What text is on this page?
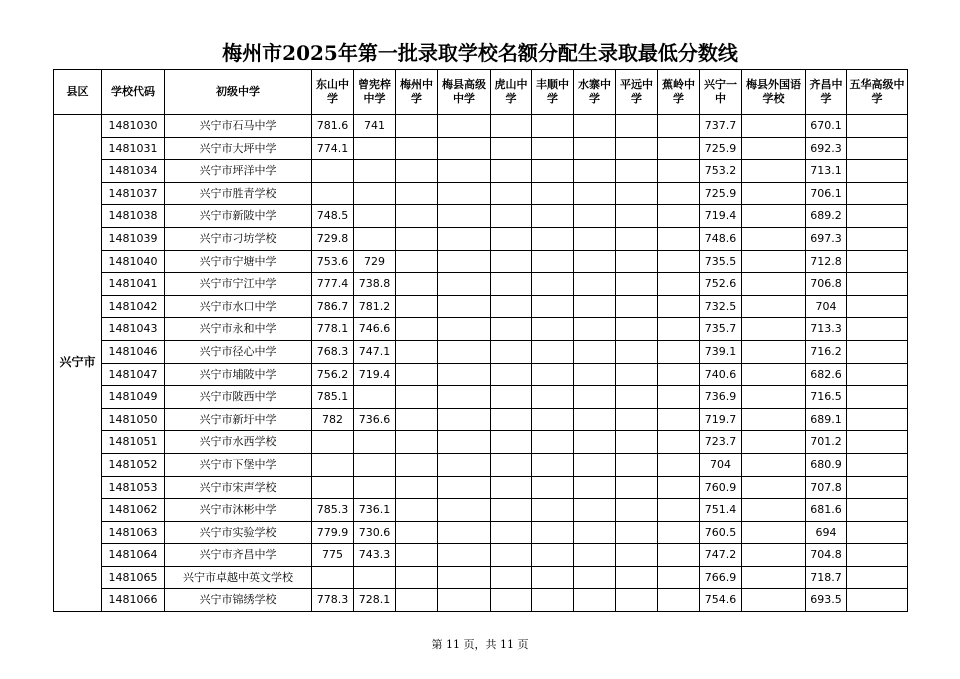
梅州市2025年第一批录取学校名额分配生录取最低分数线
县区	学校代码	初级中学	东山中学	曾宪梓中学	梅州中学	梅县高级中学	虎山中学	丰顺中学	水寨中学	平远中学	蕉岭中学	兴宁一中	梅县外国语学校	齐昌中学	五华高级中学
兴宁市	1481030	兴宁市石马中学	781.6	741								737.7		670.1	
	1481031	兴宁市大坪中学	774.1									725.9		692.3	
	1481034	兴宁市坪洋中学										753.2		713.1	
	1481037	兴宁市胜青学校										725.9		706.1	
	1481038	兴宁市新陂中学	748.5									719.4		689.2	
	1481039	兴宁市刁坊学校	729.8									748.6		697.3	
	1481040	兴宁市宁塘中学	753.6	729								735.5		712.8	
	1481041	兴宁市宁江中学	777.4	738.8								752.6		706.8	
	1481042	兴宁市水口中学	786.7	781.2								732.5		704	
	1481043	兴宁市永和中学	778.1	746.6								735.7		713.3	
	1481046	兴宁市径心中学	768.3	747.1								739.1		716.2	
	1481047	兴宁市埔陂中学	756.2	719.4								740.6		682.6	
	1481049	兴宁市陂西中学	785.1									736.9		716.5	
	1481050	兴宁市新圩中学	782	736.6								719.7		689.1	
	1481051	兴宁市水西学校										723.7		701.2	
	1481052	兴宁市下堡中学										704		680.9	
	1481053	兴宁市宋声学校										760.9		707.8	
	1481062	兴宁市沐彬中学	785.3	736.1								751.4		681.6	
	1481063	兴宁市实验学校	779.9	730.6								760.5		694	
	1481064	兴宁市齐昌中学	775	743.3								747.2		704.8	
	1481065	兴宁市卓越中英文学校										766.9		718.7	
	1481066	兴宁市锦绣学校	778.3	728.1								754.6		693.5	
第 11 页，共 11 页
